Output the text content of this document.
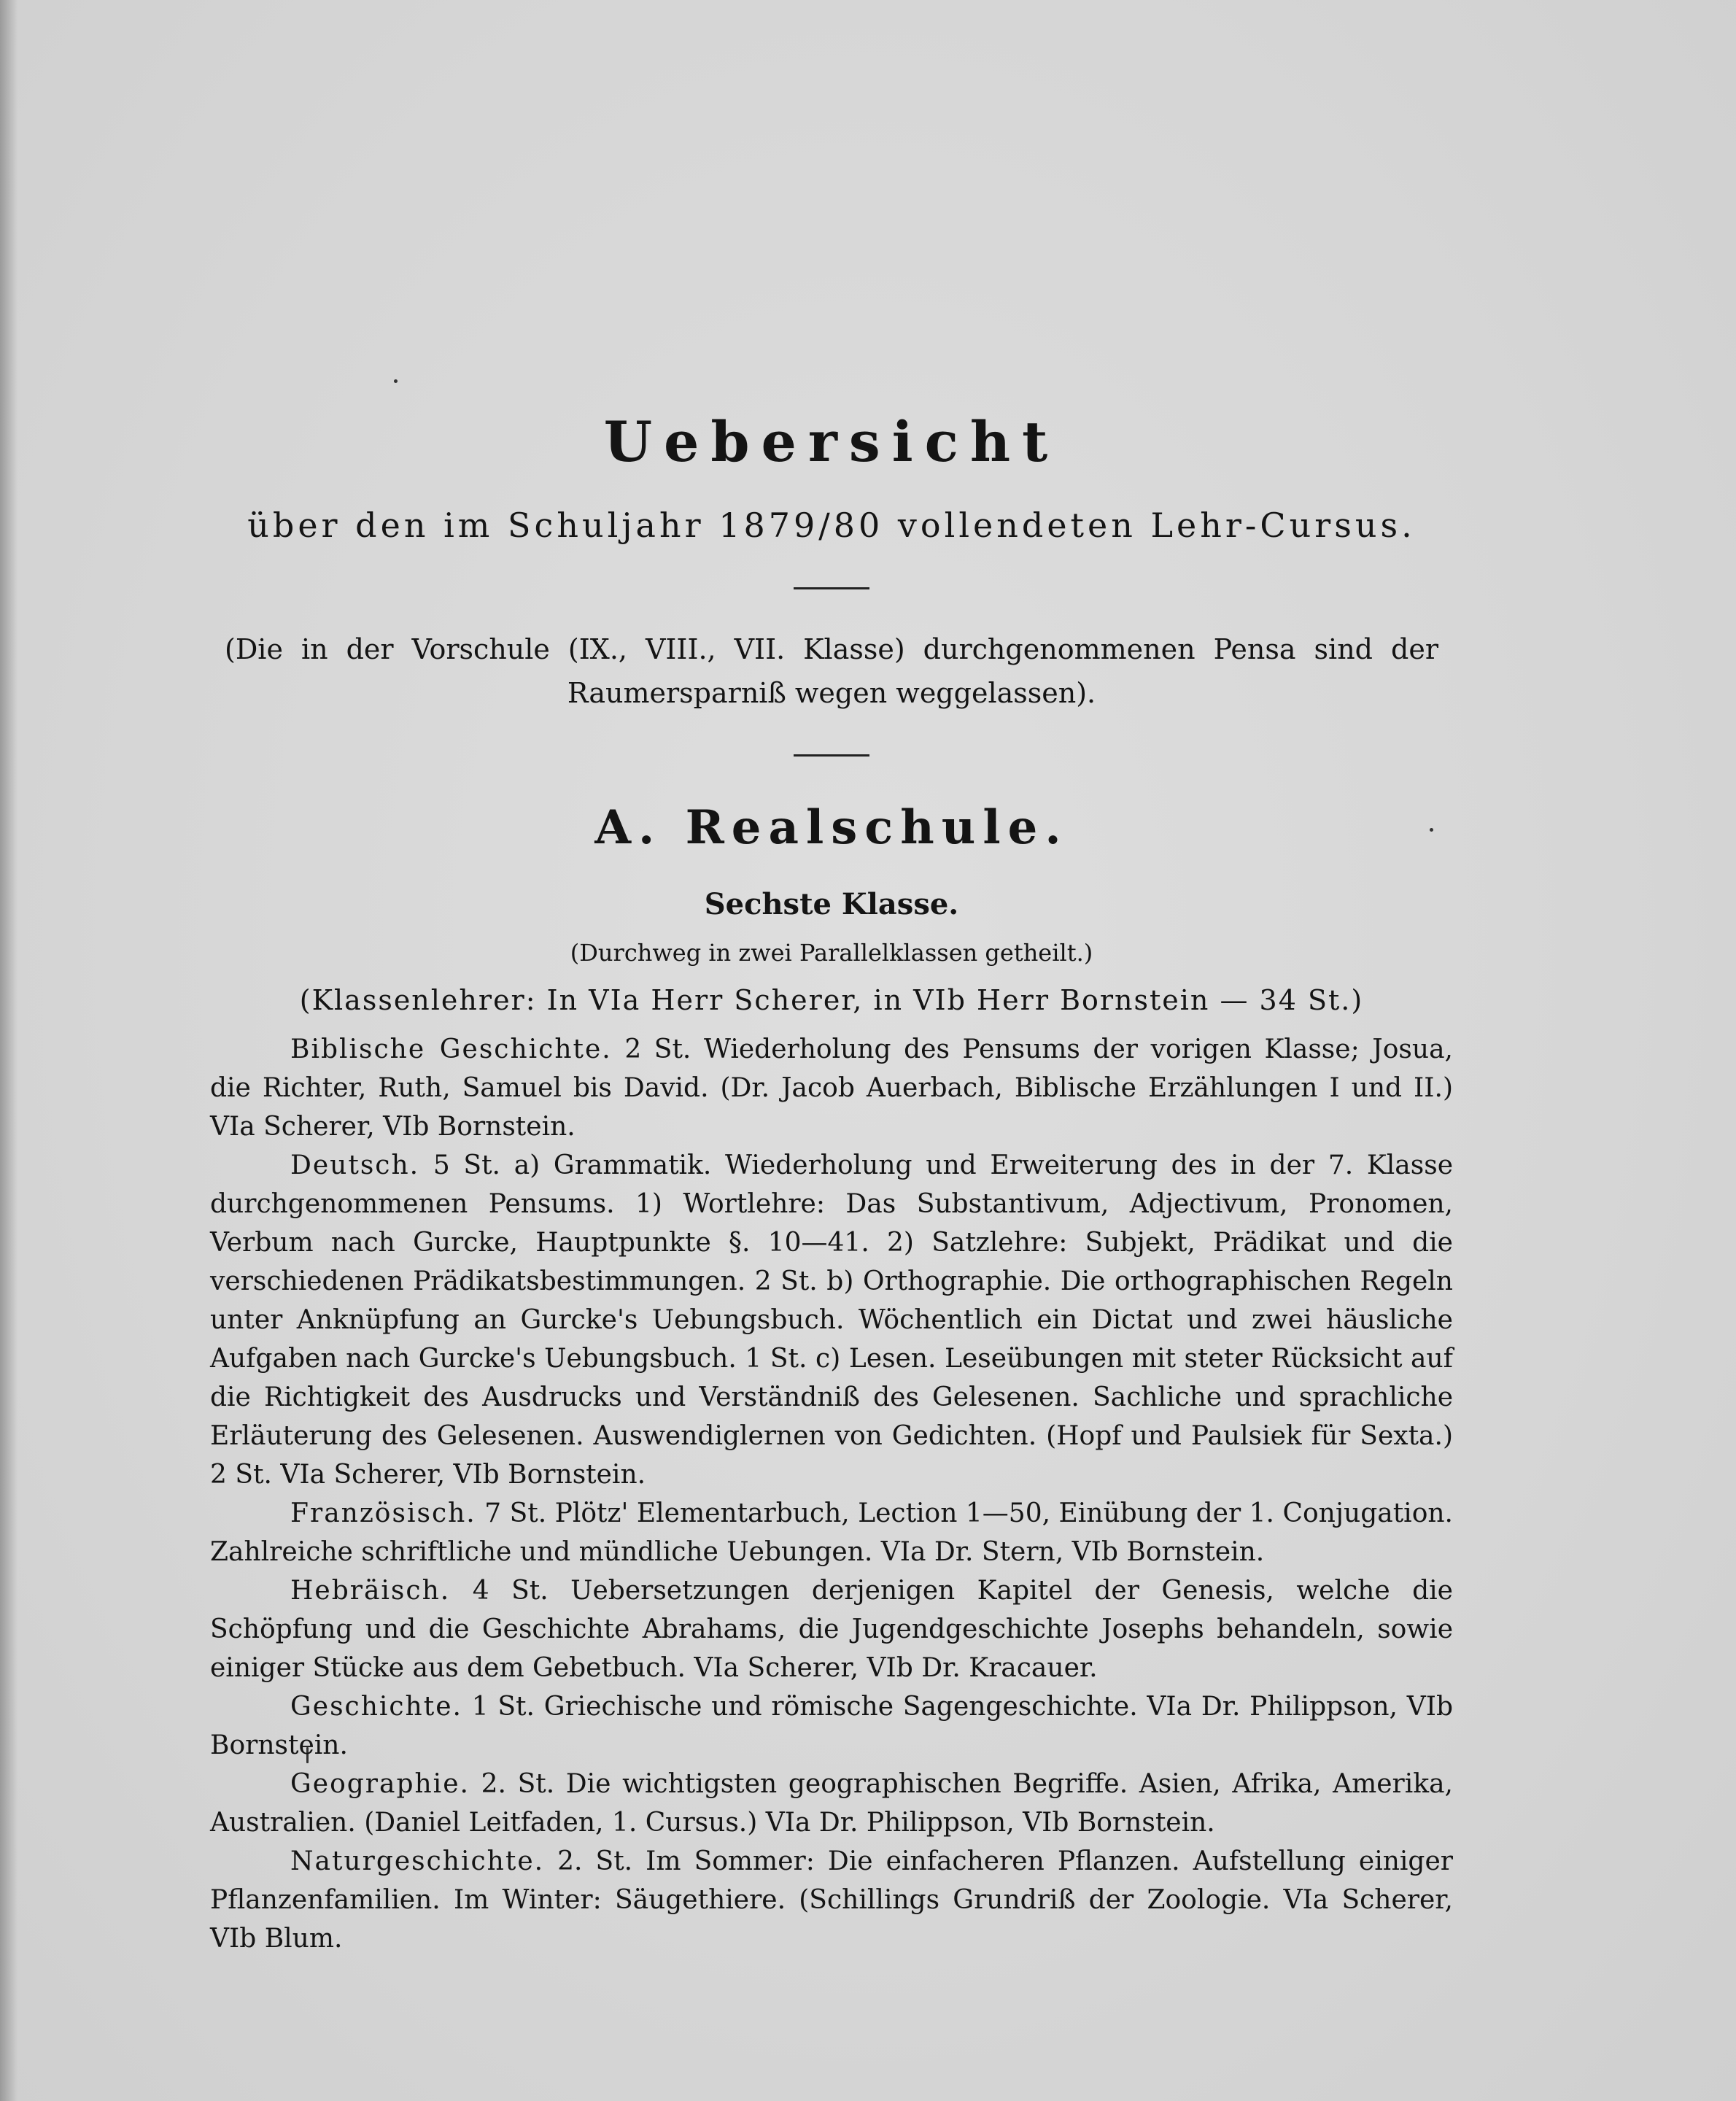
Uebersicht

über den im Schuljahr 1879/80 vollendeten Lehr-Cursus.

(Die in der Vorschule (IX., VIII., VII. Klasse) durchgenommenen Pensa sind der Raumersparniß wegen weggelassen).

A. Realschule.
Sechste Klasse.

(Durchweg in zwei Parallelklassen getheilt.)

(Klassenlehrer: In VIa Herr Scherer, in VIb Herr Bornstein — 34 St.)

Biblische Geschichte. 2 St. Wiederholung des Pensums der vorigen Klasse; Josua, die Richter, Ruth, Samuel bis David. (Dr. Jacob Auerbach, Biblische Erzählungen I und II.) VIa Scherer, VIb Bornstein.

Deutsch. 5 St. a) Grammatik. Wiederholung und Erweiterung des in der 7. Klasse durchgenommenen Pensums. 1) Wortlehre: Das Substantivum, Adjectivum, Pronomen, Verbum nach Gurcke, Hauptpunkte §. 10—41. 2) Satzlehre: Subjekt, Prädikat und die verschiedenen Prädikatsbestimmungen. 2 St. b) Orthographie. Die orthographischen Regeln unter Anknüpfung an Gurcke's Uebungsbuch. Wöchentlich ein Dictat und zwei häusliche Aufgaben nach Gurcke's Uebungsbuch. 1 St. c) Lesen. Leseübungen mit steter Rücksicht auf die Richtigkeit des Ausdrucks und Verständniß des Gelesenen. Sachliche und sprachliche Erläuterung des Gelesenen. Auswendiglernen von Gedichten. (Hopf und Paulsiek für Sexta.) 2 St. VIa Scherer, VIb Bornstein.

Französisch. 7 St. Plötz' Elementarbuch, Lection 1—50, Einübung der 1. Conjugation. Zahlreiche schriftliche und mündliche Uebungen. VIa Dr. Stern, VIb Bornstein.

Hebräisch. 4 St. Uebersetzungen derjenigen Kapitel der Genesis, welche die Schöpfung und die Geschichte Abrahams, die Jugendgeschichte Josephs behandeln, sowie einiger Stücke aus dem Gebetbuch. VIa Scherer, VIb Dr. Kracauer.

Geschichte. 1 St. Griechische und römische Sagengeschichte. VIa Dr. Philippson, VIb Bornstein.

Geographie. 2. St. Die wichtigsten geographischen Begriffe. Asien, Afrika, Amerika, Australien. (Daniel Leitfaden, 1. Cursus.) VIa Dr. Philippson, VIb Bornstein.

Naturgeschichte. 2. St. Im Sommer: Die einfacheren Pflanzen. Aufstellung einiger Pflanzenfamilien. Im Winter: Säugethiere. (Schillings Grundriß der Zoologie. VIa Scherer, VIb Blum.
